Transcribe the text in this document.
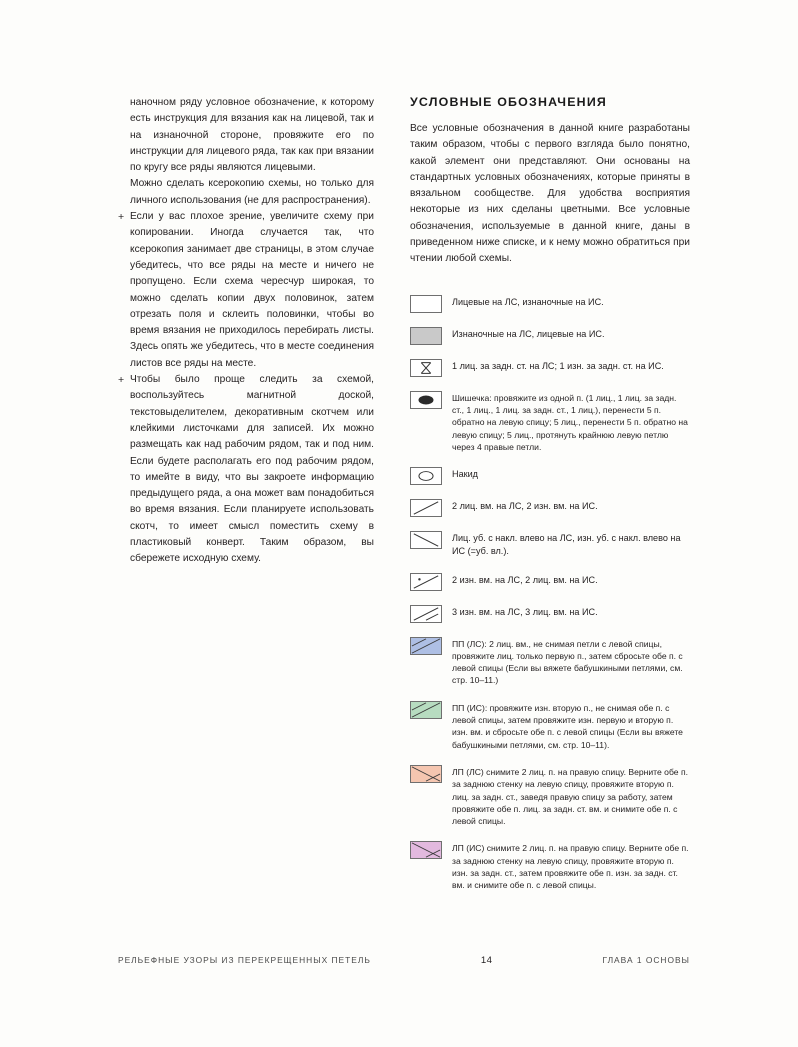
наночном ряду условное обозначение, к которому есть инструкция для вязания как на лицевой, так и на изнаночной стороне, провяжите его по инструкции для лицевого ряда, так как при вязании по кругу все ряды являются лицевыми.

Можно сделать ксерокопию схемы, но только для личного использования (не для распространения).

+ Если у вас плохое зрение, увеличите схему при копировании. Иногда случается так, что ксерокопия занимает две страницы, в этом случае убедитесь, что все ряды на месте и ничего не пропущено. Если схема чересчур широкая, то можно сделать копии двух половинок, затем отрезать поля и склеить половинки, чтобы во время вязания не приходилось перебирать листы. Здесь опять же убедитесь, что в месте соединения листов все ряды на месте.

+ Чтобы было проще следить за схемой, воспользуйтесь магнитной доской, текстовыделителем, декоративным скотчем или клейкими листочками для записей. Их можно размещать как над рабочим рядом, так и под ним. Если будете располагать его под рабочим рядом, то имейте в виду, что вы закроете информацию предыдущего ряда, а она может вам понадобиться во время вязания. Если планируете использовать скотч, то имеет смысл поместить схему в пластиковый конверт. Таким образом, вы сбережете исходную схему.

УСЛОВНЫЕ ОБОЗНАЧЕНИЯ

Все условные обозначения в данной книге разработаны таким образом, чтобы с первого взгляда было понятно, какой элемент они представляют. Они основаны на стандартных условных обозначениях, которые приняты в вязальном сообществе. Для удобства восприятия некоторые из них сделаны цветными. Все условные обозначения, используемые в данной книге, даны в приведенном ниже списке, и к нему можно обратиться при чтении любой схемы.

Лицевые на ЛС, изнаночные на ИС.
Изнаночные на ЛС, лицевые на ИС.
1 лиц. за задн. ст. на ЛС; 1 изн. за задн. ст. на ИС.
Шишечка: провяжите из одной п. (1 лиц., 1 лиц. за задн. ст., 1 лиц., 1 лиц. за задн. ст., 1 лиц.), перенести 5 п. обратно на левую спицу; 5 лиц., перенести 5 п. обратно на левую спицу; 5 лиц., протянуть крайнюю левую петлю через 4 правые петли.
Накид
2 лиц. вм. на ЛС, 2 изн. вм. на ИС.
Лиц. уб. с накл. влево на ЛС, изн. уб. с накл. влево на ИС (=уб. вл.).
2 изн. вм. на ЛС, 2 лиц. вм. на ИС.
3 изн. вм. на ЛС, 3 лиц. вм. на ИС.
ПП (ЛС): 2 лиц. вм., не снимая петли с левой спицы, провяжите лиц. только первую п., затем сбросьте обе п. с левой спицы (Если вы вяжете бабушкиными петлями, см. стр. 10–11.)
ПП (ИС): провяжите изн. вторую п., не снимая обе п. с левой спицы, затем провяжите изн. первую и вторую п. изн. вм. и сбросьте обе п. с левой спицы (Если вы вяжете бабушкиными петлями, см. стр. 10–11).
ЛП (ЛС) снимите 2 лиц. п. на правую спицу. Верните обе п. за заднюю стенку на левую спицу, провяжите вторую п. лиц. за задн. ст., заведя правую спицу за работу, затем провяжите обе п. лиц. за задн. ст. вм. и снимите обе п. с левой спицы.
ЛП (ИС) снимите 2 лиц. п. на правую спицу. Верните обе п. за заднюю стенку на левую спицу, провяжите вторую п. изн. за задн. ст., затем провяжите обе п. изн. за задн. ст. вм. и снимите обе п. с левой спицы.
РЕЛЬЕФНЫЕ УЗОРЫ ИЗ ПЕРЕКРЕЩЕННЫХ ПЕТЕЛЬ	14	ГЛАВА 1 ОСНОВЫ
